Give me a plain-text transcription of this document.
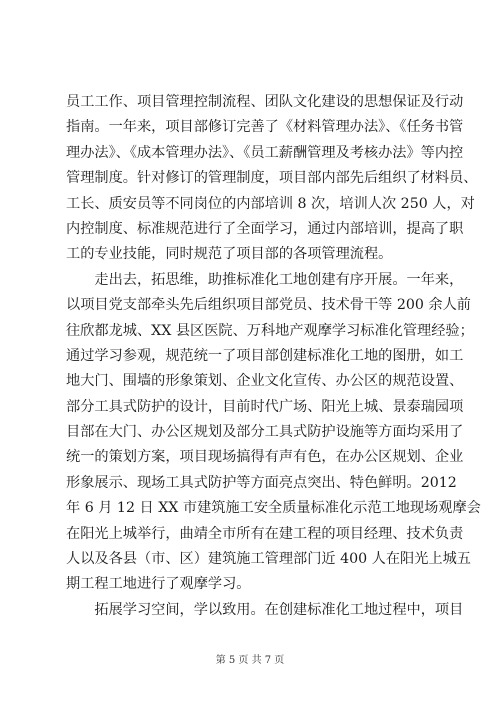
员工工作、项目管理控制流程、团队文化建设的思想保证及行动
指南。一年来，项目部修订完善了《材料管理办法》、《任务书管
理办法》、《成本管理办法》、《员工薪酬管理及考核办法》等内控
管理制度。针对修订的管理制度，项目部内部先后组织了材料员、
工长、质安员等不同岗位的内部培训 8 次，培训人次 250 人，对
内控制度、标准规范进行了全面学习，通过内部培训，提高了职
工的专业技能，同时规范了项目部的各项管理流程。
　　走出去，拓思维，助推标准化工地创建有序开展。一年来，
以项目党支部牵头先后组织项目部党员、技术骨干等 200 余人前
往欣都龙城、XX 县区医院、万科地产观摩学习标准化管理经验；
通过学习参观，规范统一了项目部创建标准化工地的图册，如工
地大门、围墙的形象策划、企业文化宣传、办公区的规范设置、
部分工具式防护的设计，目前时代广场、阳光上城、景泰瑞园项
目部在大门、办公区规划及部分工具式防护设施等方面均采用了
统一的策划方案，项目现场搞得有声有色，在办公区规划、企业
形象展示、现场工具式防护等方面亮点突出、特色鲜明。2012
年 6 月 12 日 XX 市建筑施工安全质量标准化示范工地现场观摩会
在阳光上城举行，曲靖全市所有在建工程的项目经理、技术负责
人以及各县（市、区）建筑施工管理部门近 400 人在阳光上城五
期工程工地进行了观摩学习。
　　拓展学习空间，学以致用。在创建标准化工地过程中，项目
第 5 页 共 7 页
